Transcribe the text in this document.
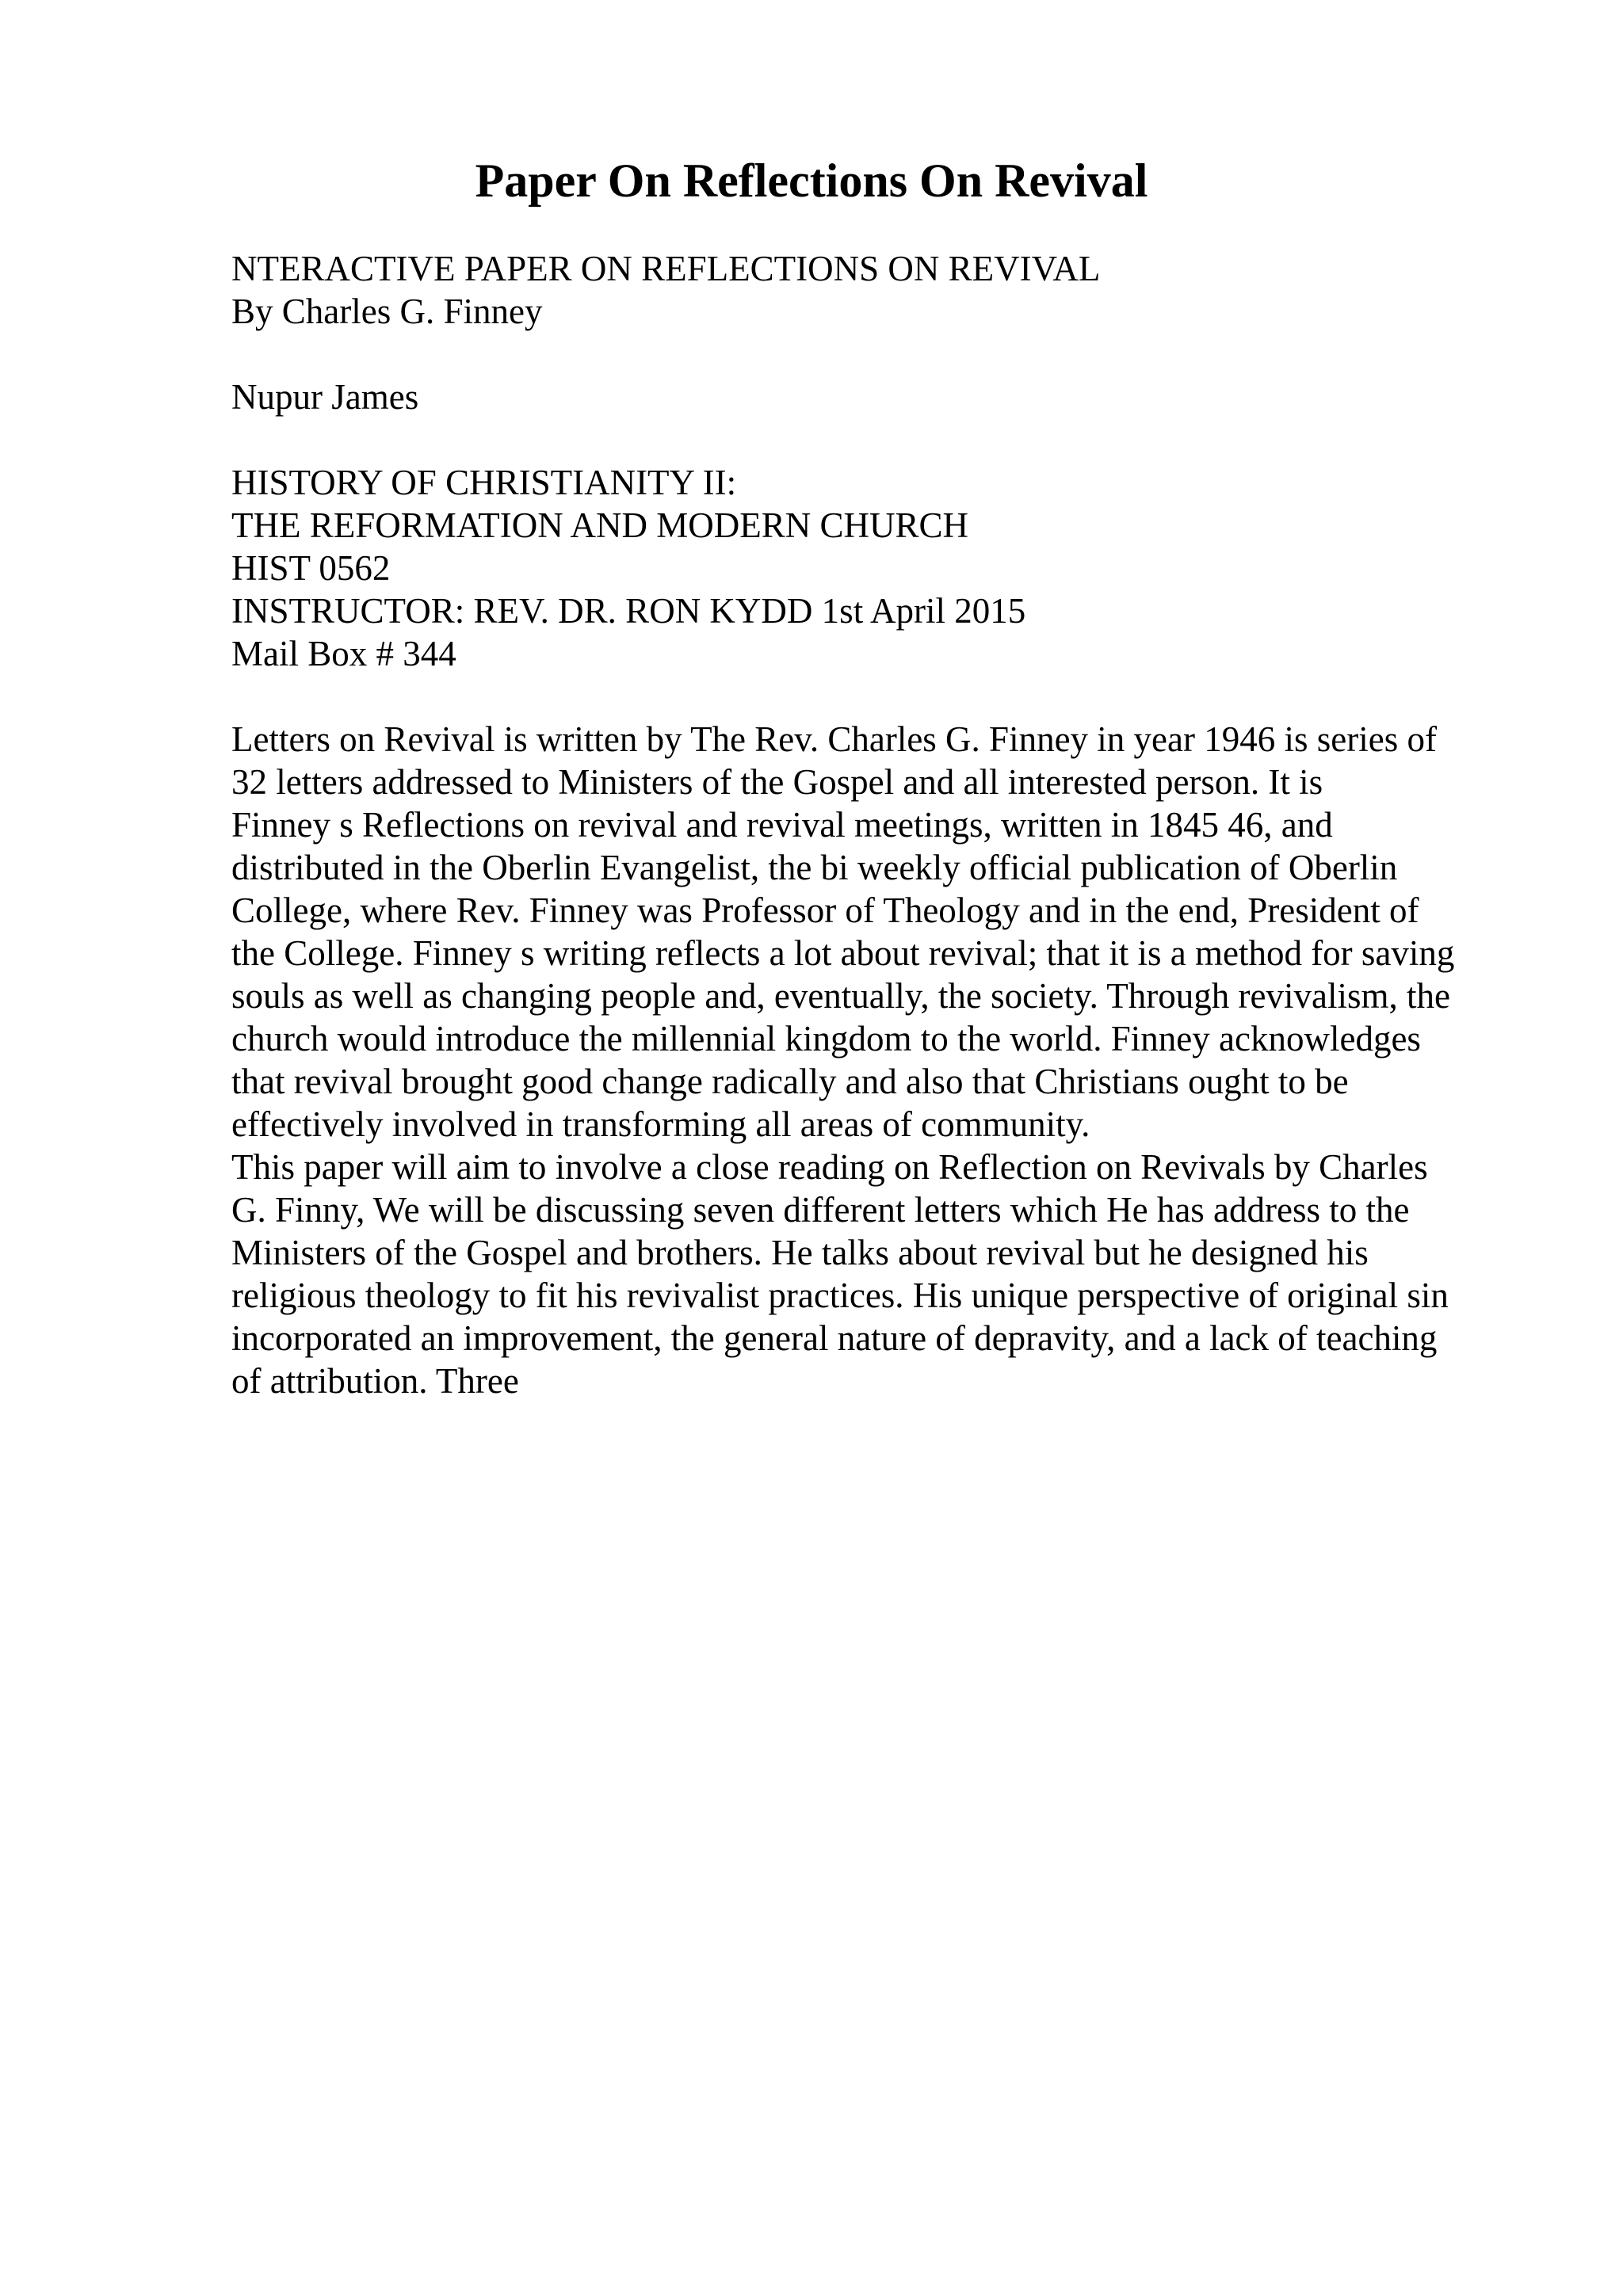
Paper On Reflections On Revival
NTERACTIVE PAPER ON REFLECTIONS ON REVIVAL
By Charles G. Finney
Nupur James
HISTORY OF CHRISTIANITY II:
THE REFORMATION AND MODERN CHURCH
HIST 0562
INSTRUCTOR: REV. DR. RON KYDD 1st April 2015
Mail Box # 344
Letters on Revival is written by The Rev. Charles G. Finney in year 1946 is series of
32 letters addressed to Ministers of the Gospel and all interested person. It is
Finney s Reflections on revival and revival meetings, written in 1845 46, and
distributed in the Oberlin Evangelist, the bi weekly official publication of Oberlin
College, where Rev. Finney was Professor of Theology and in the end, President of
the College. Finney s writing reflects a lot about revival; that it is a method for saving
souls as well as changing people and, eventually, the society. Through revivalism, the
church would introduce the millennial kingdom to the world. Finney acknowledges
that revival brought good change radically and also that Christians ought to be
effectively involved in transforming all areas of community.
This paper will aim to involve a close reading on Reflection on Revivals by Charles
G. Finny, We will be discussing seven different letters which He has address to the
Ministers of the Gospel and brothers. He talks about revival but he designed his
religious theology to fit his revivalist practices. His unique perspective of original sin
incorporated an improvement, the general nature of depravity, and a lack of teaching
of attribution. Three
